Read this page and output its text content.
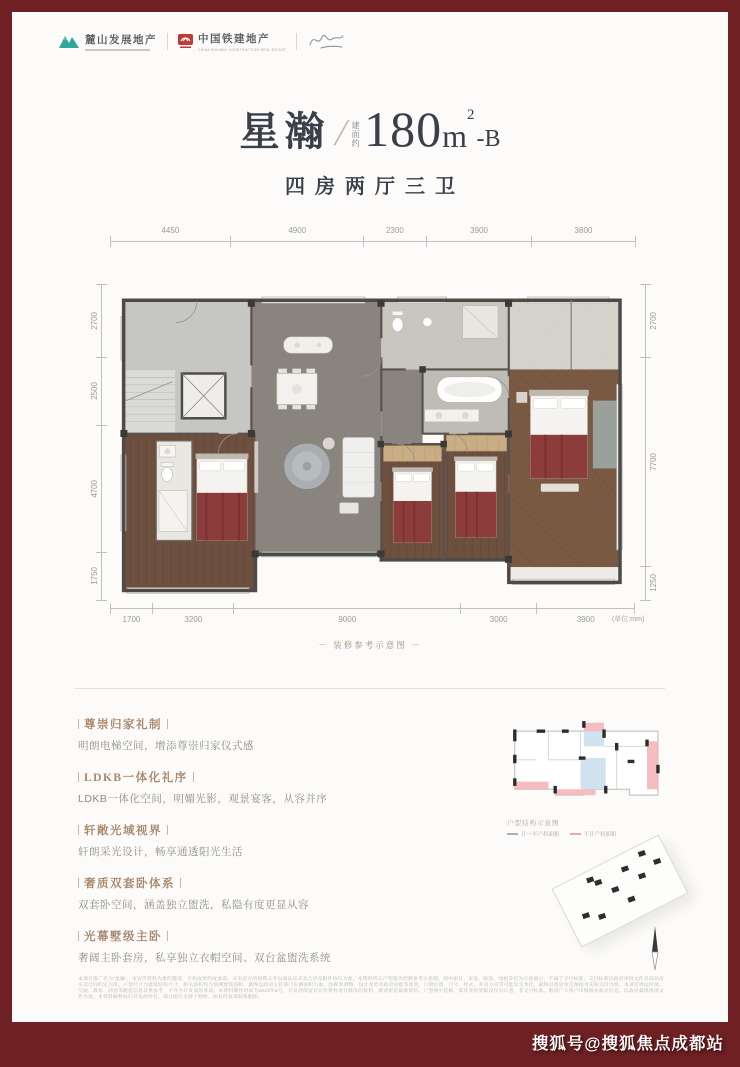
麓山发展地产	中国铁建地产
CHINA RAILWAY CONSTRUCTION REAL ESTATE
星瀚 / 建面约 180 m
2
-B
四房两厅三卫
4450	4900	2300	3900	3800
1700	3200	9000	3000	3900
2700
2500
4700
1750
2700
7700
1250
(单位:mm)
－ 装修参考示意图 －
尊崇归家礼制
明朗电梯空间，增添尊崇归家仪式感
LDKB一体化礼序
LDKB一体化空间，明媚光影，观景宴客，从容并序
轩敞光域视界
轩朗采光设计，畅享通透阳光生活
奢质双套卧体系
双套卧空间，涵盖独立盥洗，私隐有度更显从容
光幕墅级主卧
奢阔主卧套房，私享独立衣帽空间、双台盆盥洗系统
户型结构示意图
计一半产权面积	不计产权面积
本项目推广名为“星瀚”，本宣传资料为要约邀请，不构成要约或承诺，买卖双方的权利义务以商品房买卖合同及附件协议为准。本资料所示户型图为装修参考示意图，图中家具、家电、陈设、绿植等仅为示意展示，不属于交付标准；交付标准以政府审批文件及商品房买卖合同约定为准。户型尺寸为建筑结构尺寸，相关面积均为预测建筑面积，最终以政府主管部门实测面积为准。因规划调整、设计变更及政府审批等原因，门窗位置、尺寸、样式、开启方向等可能发生变化，最终以政府审定图纸及实际交付为准。本项目周边环境、交通、教育、商业等配套信息仅供参考，不作为开发商的承诺。本资料制作时间为2023年6月，开发商保留对宣传资料进行修改的权利，敬请留意最新资料。户型图中装修、家具及软装陈设仅为示意，非交付标准。敬请广大客户审慎核实相关信息，以政府最终批准文件为准。本资料解释权归开发商所有，部分图片来源于网络，如有侵权请联系删除。
搜狐号@搜狐焦点成都站
